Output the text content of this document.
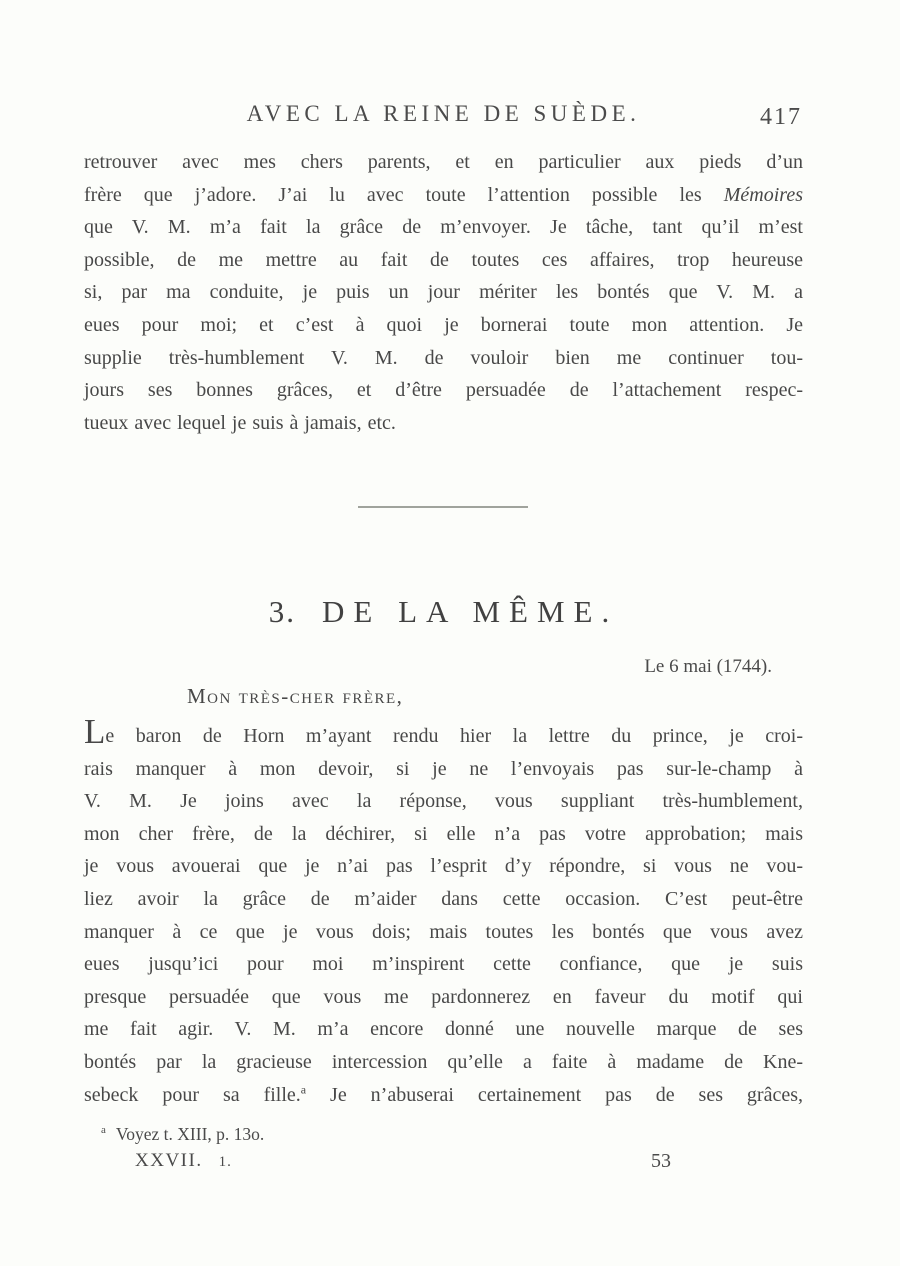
AVEC LA REINE DE SUÈDE.	417
retrouver avec mes chers parents, et en particulier aux pieds d’un
frère que j’adore. J’ai lu avec toute l’attention possible les Mémoires
que V. M. m’a fait la grâce de m’envoyer. Je tâche, tant qu’il m’est
possible, de me mettre au fait de toutes ces affaires, trop heureuse
si, par ma conduite, je puis un jour mériter les bontés que V. M. a
eues pour moi; et c’est à quoi je bornerai toute mon attention. Je
supplie très-humblement V. M. de vouloir bien me continuer tou-
jours ses bonnes grâces, et d’être persuadée de l’attachement respec-
tueux avec lequel je suis à jamais, etc.
3. DE LA MÊME.
Le 6 mai (1744).
Mon très-cher frère,
Le baron de Horn m’ayant rendu hier la lettre du prince, je croi-
rais manquer à mon devoir, si je ne l’envoyais pas sur-le-champ à
V. M. Je joins avec la réponse, vous suppliant très-humblement,
mon cher frère, de la déchirer, si elle n’a pas votre approbation; mais
je vous avouerai que je n’ai pas l’esprit d’y répondre, si vous ne vou-
liez avoir la grâce de m’aider dans cette occasion. C’est peut-être
manquer à ce que je vous dois; mais toutes les bontés que vous avez
eues jusqu’ici pour moi m’inspirent cette confiance, que je suis
presque persuadée que vous me pardonnerez en faveur du motif qui
me fait agir. V. M. m’a encore donné une nouvelle marque de ses
bontés par la gracieuse intercession qu’elle a faite à madame de Kne-
sebeck pour sa fille.$^a$ Je n’abuserai certainement pas de ses grâces,
$^a$ Voyez t. XIII, p. 13o.
XXVII. 1.	53
